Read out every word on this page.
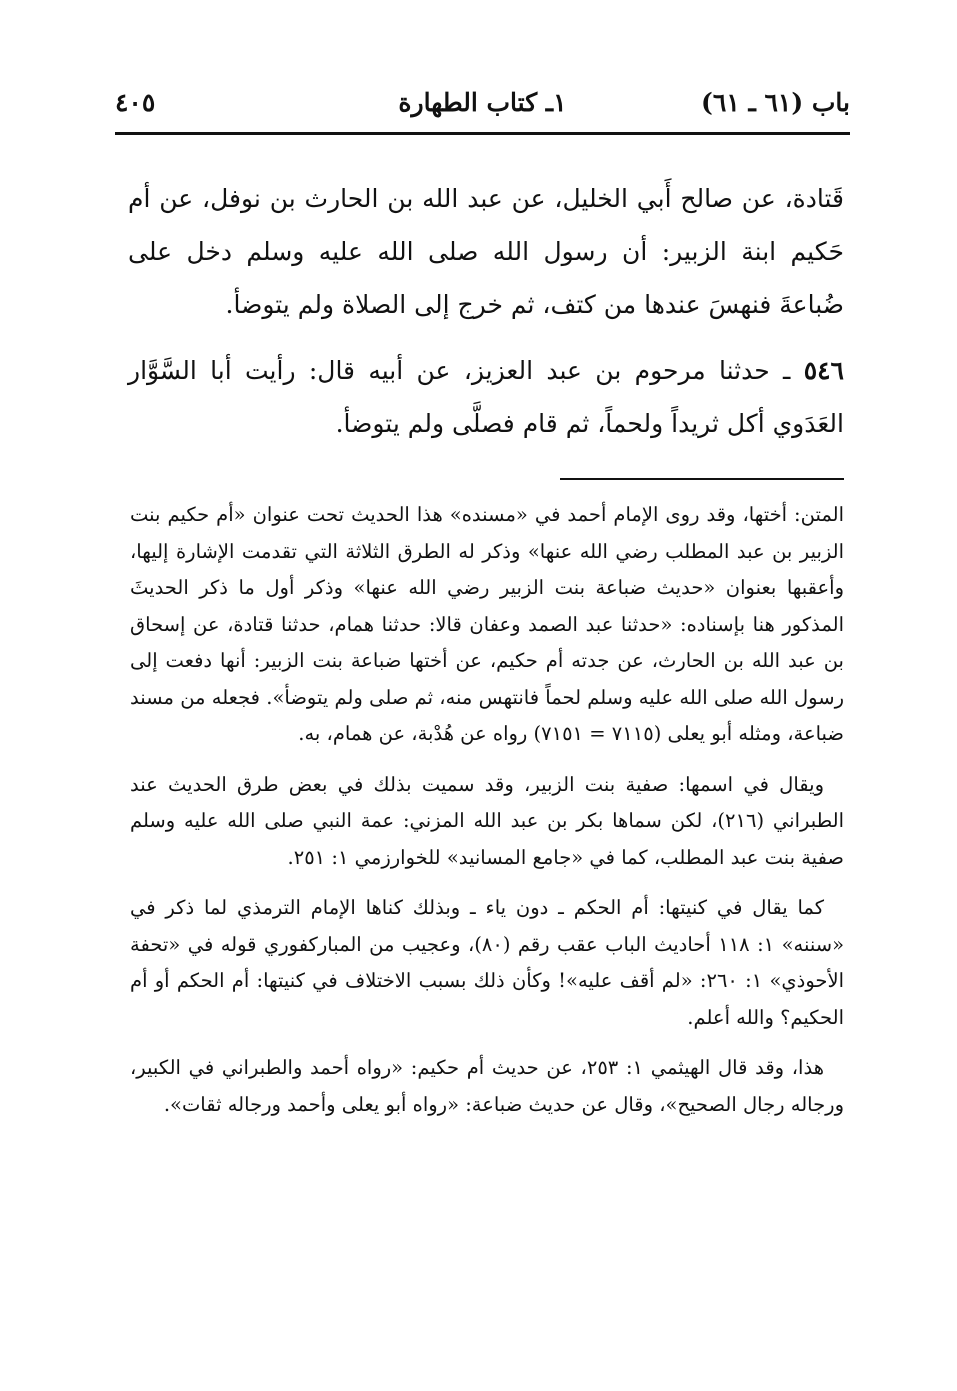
باب (٦١ ـ ٦١)
١ـ كتاب الطهارة
٤٠٥

قَتادة، عن صالح أَبي الخليل، عن عبد الله بن الحارث بن نوفل، عن أم حَكيم ابنة الزبير: أن رسول الله صلى الله عليه وسلم دخل على ضُباعةَ فنهسَ عندها من كتف، ثم خرج إلى الصلاة ولم يتوضأ.

٥٤٦ ـ حدثنا مرحوم بن عبد العزيز، عن أبيه قال: رأيت أبا السَّوَّار العَدَوي أكل ثريداً ولحماً، ثم قام فصلَّى ولم يتوضأ.

المتن: أختها، وقد روى الإمام أحمد في «مسنده» هذا الحديث تحت عنوان «أم حكيم بنت الزبير بن عبد المطلب رضي الله عنها» وذكر له الطرق الثلاثة التي تقدمت الإشارة إليها، وأعقبها بعنوان «حديث ضباعة بنت الزبير رضي الله عنها» وذكر أول ما ذكر الحديثَ المذكور هنا بإسناده: «حدثنا عبد الصمد وعفان قالا: حدثنا همام، حدثنا قتادة، عن إسحاق بن عبد الله بن الحارث، عن جدته أم حكيم، عن أختها ضباعة بنت الزبير: أنها دفعت إلى رسول الله صلى الله عليه وسلم لحماً فانتهس منه، ثم صلى ولم يتوضأ». فجعله من مسند ضباعة، ومثله أبو يعلى (٧١١٥ = ٧١٥١) رواه عن هُدْبة، عن همام، به.

ويقال في اسمها: صفية بنت الزبير، وقد سميت بذلك في بعض طرق الحديث عند الطبراني (٢١٦)، لكن سماها بكر بن عبد الله المزني: عمة النبي صلى الله عليه وسلم صفية بنت عبد المطلب، كما في «جامع المسانيد» للخوارزمي ١: ٢٥١.

كما يقال في كنيتها: أم الحكم ـ دون ياء ـ وبذلك كناها الإمام الترمذي لما ذكر في «سننه» ١: ١١٨ أحاديث الباب عقب رقم (٨٠)، وعجيب من المباركفوري قوله في «تحفة الأحوذي» ١: ٢٦٠: «لم أقف عليه»! وكأن ذلك بسبب الاختلاف في كنيتها: أم الحكم أو أم الحكيم؟ والله أعلم.

هذا، وقد قال الهيثمي ١: ٢٥٣، عن حديث أم حكيم: «رواه أحمد والطبراني في الكبير، ورجاله رجال الصحيح»، وقال عن حديث ضباعة: «رواه أبو يعلى وأحمد ورجاله ثقات».
